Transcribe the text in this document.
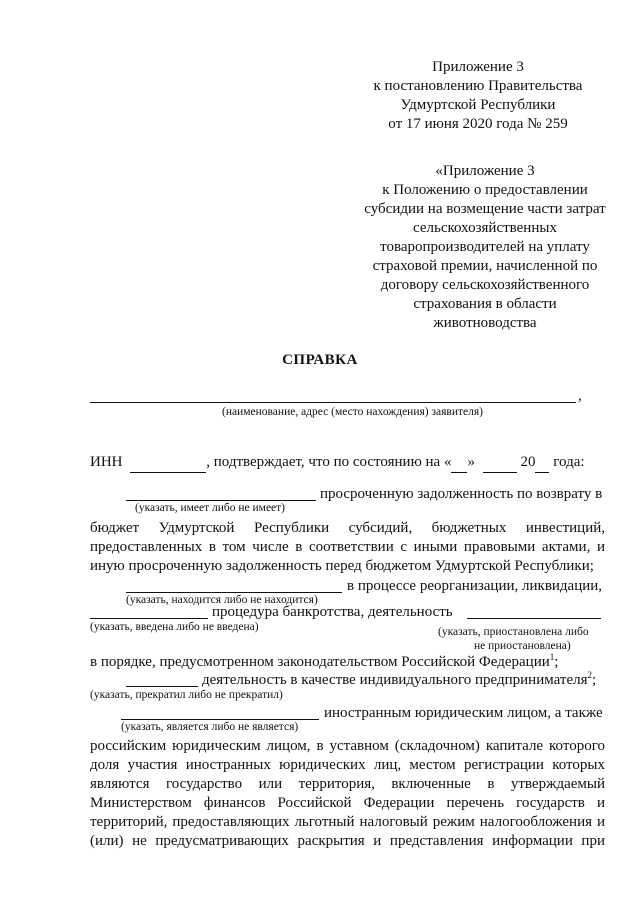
Приложение 3
к постановлению Правительства
Удмуртской Республики
от 17 июня 2020 года № 259
«Приложение 3
к Положению о предоставлении
субсидии на возмещение части затрат
сельскохозяйственных
товаропроизводителей на уплату
страховой премии, начисленной по
договору сельскохозяйственного
страхования в области
животноводства
СПРАВКА
,
(наименование, адрес (место нахождения) заявителя)
ИНН	, подтверждает, что по состоянию на « »	20 года:
просроченную задолженность по возврату в
(указать, имеет либо не имеет)
бюджет Удмуртской Республики субсидий, бюджетных инвестиций,
предоставленных в том числе в соответствии с иными правовыми актами, и
иную просроченную задолженность перед бюджетом Удмуртской Республики;
в процессе реорганизации, ликвидации,
(указать, находится либо не находится)
процедура банкротства, деятельность
(указать, введена либо не введена)	(указать, приостановлена либо
не приостановлена)
в порядке, предусмотренном законодательством Российской Федерации$^1$;
деятельность в качестве индивидуального предпринимателя$^2$;
(указать, прекратил либо не прекратил)
иностранным юридическим лицом, а также
(указать, является либо не является)
российским юридическим лицом, в уставном (складочном) капитале которого
доля участия иностранных юридических лиц, местом регистрации которых
являются государство или территория, включенные в утверждаемый
Министерством финансов Российской Федерации перечень государств и
территорий, предоставляющих льготный налоговый режим налогообложения и
(или) не предусматривающих раскрытия и представления информации при
